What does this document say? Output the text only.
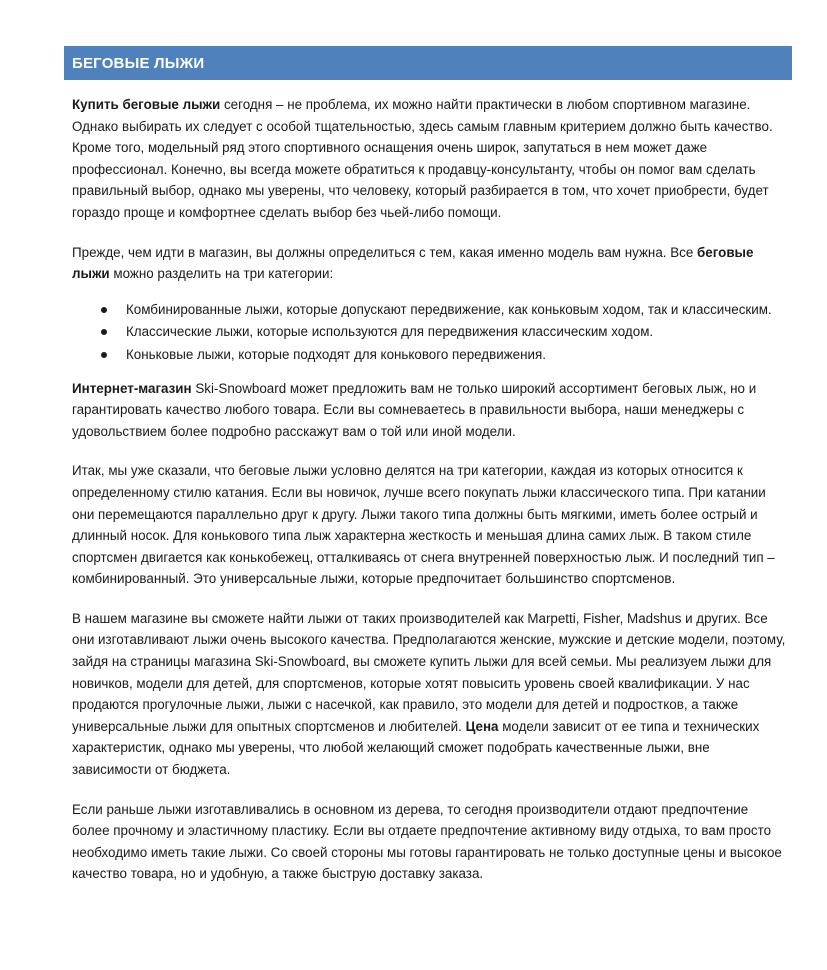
БЕГОВЫЕ ЛЫЖИ

Купить беговые лыжи сегодня – не проблема, их можно найти практически в любом спортивном магазине. Однако выбирать их следует с особой тщательностью, здесь самым главным критерием должно быть качество. Кроме того, модельный ряд этого спортивного оснащения очень широк, запутаться в нем может даже профессионал. Конечно, вы всегда можете обратиться к продавцу-консультанту, чтобы он помог вам сделать правильный выбор, однако мы уверены, что человеку, который разбирается в том, что хочет приобрести, будет гораздо проще и комфортнее сделать выбор без чьей-либо помощи.

Прежде, чем идти в магазин, вы должны определиться с тем, какая именно модель вам нужна. Все беговые лыжи можно разделить на три категории:

Комбинированные лыжи, которые допускают передвижение, как коньковым ходом, так и классическим.
Классические лыжи, которые используются для передвижения классическим ходом.
Коньковые лыжи, которые подходят для конькового передвижения.

Интернет-магазин Ski-Snowboard может предложить вам не только широкий ассортимент беговых лыж, но и гарантировать качество любого товара. Если вы сомневаетесь в правильности выбора, наши менеджеры с удовольствием более подробно расскажут вам о той или иной модели.

Итак, мы уже сказали, что беговые лыжи условно делятся на три категории, каждая из которых относится к определенному стилю катания. Если вы новичок, лучше всего покупать лыжи классического типа. При катании они перемещаются параллельно друг к другу. Лыжи такого типа должны быть мягкими, иметь более острый и длинный носок. Для конькового типа лыж характерна жесткость и меньшая длина самих лыж. В таком стиле спортсмен двигается как конькобежец, отталкиваясь от снега внутренней поверхностью лыж. И последний тип – комбинированный. Это универсальные лыжи, которые предпочитает большинство спортсменов.

В нашем магазине вы сможете найти лыжи от таких производителей как Marpetti, Fisher, Madshus и других. Все они изготавливают лыжи очень высокого качества. Предполагаются женские, мужские и детские модели, поэтому, зайдя на страницы магазина Ski-Snowboard, вы сможете купить лыжи для всей семьи. Мы реализуем лыжи для новичков, модели для детей, для спортсменов, которые хотят повысить уровень своей квалификации. У нас продаются прогулочные лыжи, лыжи с насечкой, как правило, это модели для детей и подростков, а также универсальные лыжи для опытных спортсменов и любителей. Цена модели зависит от ее типа и технических характеристик, однако мы уверены, что любой желающий сможет подобрать качественные лыжи, вне зависимости от бюджета.

Если раньше лыжи изготавливались в основном из дерева, то сегодня производители отдают предпочтение более прочному и эластичному пластику. Если вы отдаете предпочтение активному виду отдыха, то вам просто необходимо иметь такие лыжи. Со своей стороны мы готовы гарантировать не только доступные цены и высокое качество товара, но и удобную, а также быструю доставку заказа.
